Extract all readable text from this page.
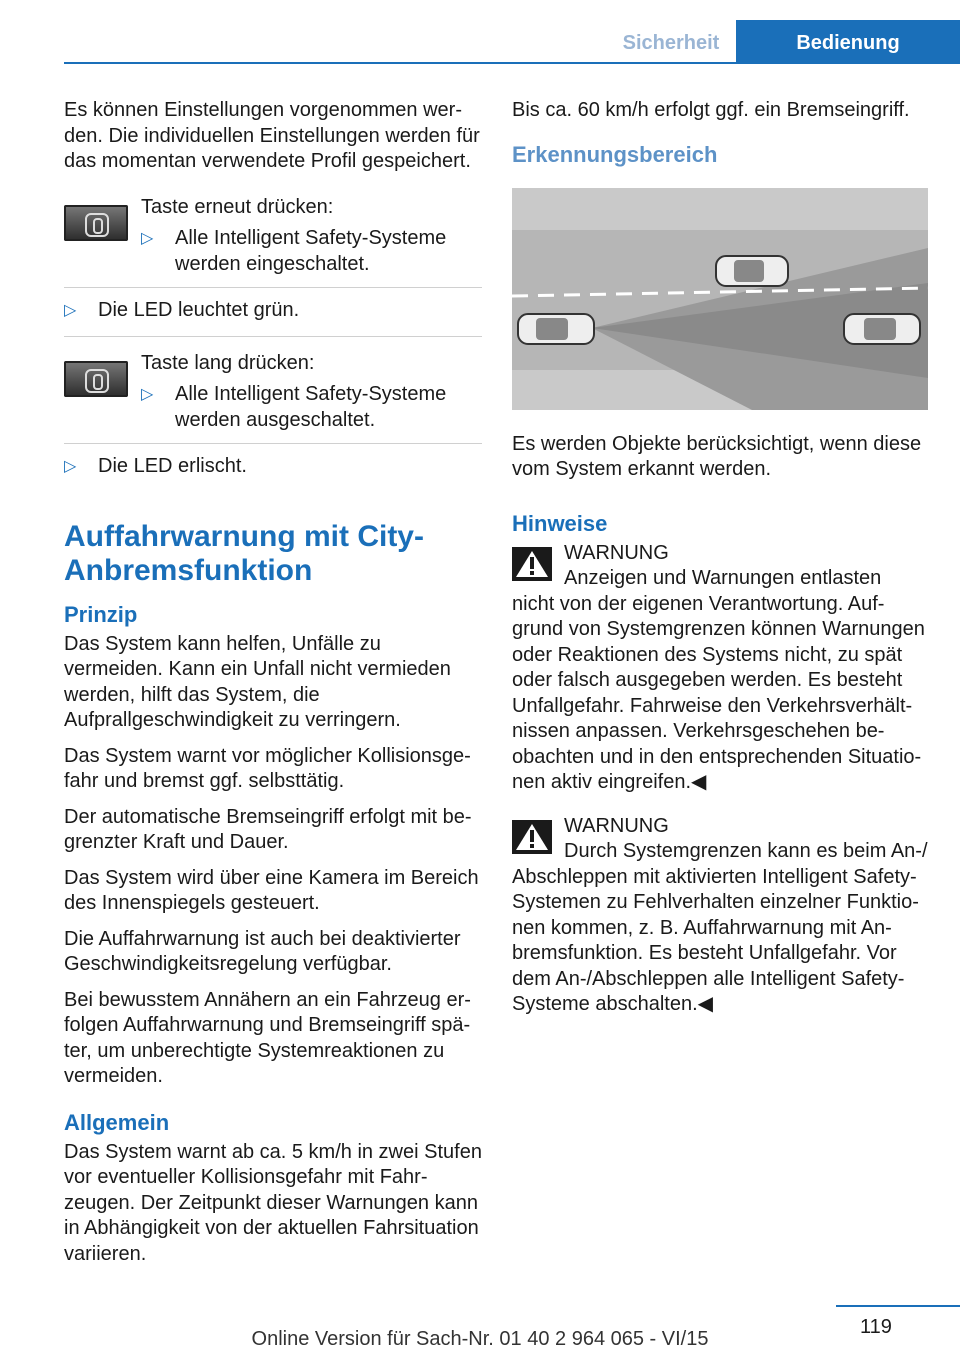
Sicherheit	Bedienung

Es können Einstellungen vorgenommen wer-den. Die individuellen Einstellungen werden für das momentan verwendete Profil gespeichert.

Taste erneut drücken:

▷ Alle Intelligent Safety-Systeme werden eingeschaltet.
▷ Die LED leuchtet grün.

Taste lang drücken:

▷ Alle Intelligent Safety-Systeme werden ausgeschaltet.
▷ Die LED erlischt.
Auffahrwarnung mit City-Anbremsfunktion
Prinzip

Das System kann helfen, Unfälle zu vermeiden. Kann ein Unfall nicht vermieden werden, hilft das System, die Aufprallgeschwindigkeit zu verringern.

Das System warnt vor möglicher Kollisionsge-fahr und bremst ggf. selbsttätig.

Der automatische Bremseingriff erfolgt mit be-grenzter Kraft und Dauer.

Das System wird über eine Kamera im Bereich des Innenspiegels gesteuert.

Die Auffahrwarnung ist auch bei deaktivierter Geschwindigkeitsregelung verfügbar.

Bei bewusstem Annähern an ein Fahrzeug er-folgen Auffahrwarnung und Bremseingriff spä-ter, um unberechtigte Systemreaktionen zu vermeiden.

Allgemein

Das System warnt ab ca. 5 km/h in zwei Stufen vor eventueller Kollisionsgefahr mit Fahr-zeugen. Der Zeitpunkt dieser Warnungen kann in Abhängigkeit von der aktuellen Fahrsituation variieren.

Bis ca. 60 km/h erfolgt ggf. ein Bremseingriff.

Erkennungsbereich

Es werden Objekte berücksichtigt, wenn diese vom System erkannt werden.

Hinweise
WARNUNG
Anzeigen und Warnungen entlasten
nicht von der eigenen Verantwortung. Auf-grund von Systemgrenzen können Warnungen oder Reaktionen des Systems nicht, zu spät oder falsch ausgegeben werden. Es besteht Unfallgefahr. Fahrweise den Verkehrsverhält-nissen anpassen. Verkehrsgeschehen be-obachten und in den entsprechenden Situatio-nen aktiv eingreifen.◀
WARNUNG
Durch Systemgrenzen kann es beim An-/
Abschleppen mit aktivierten Intelligent Safety-Systemen zu Fehlverhalten einzelner Funktio-nen kommen, z. B. Auffahrwarnung mit An-bremsfunktion. Es besteht Unfallgefahr. Vor dem An-/Abschleppen alle Intelligent Safety-Systeme abschalten.◀
119
Online Version für Sach-Nr. 01 40 2 964 065 - VI/15
